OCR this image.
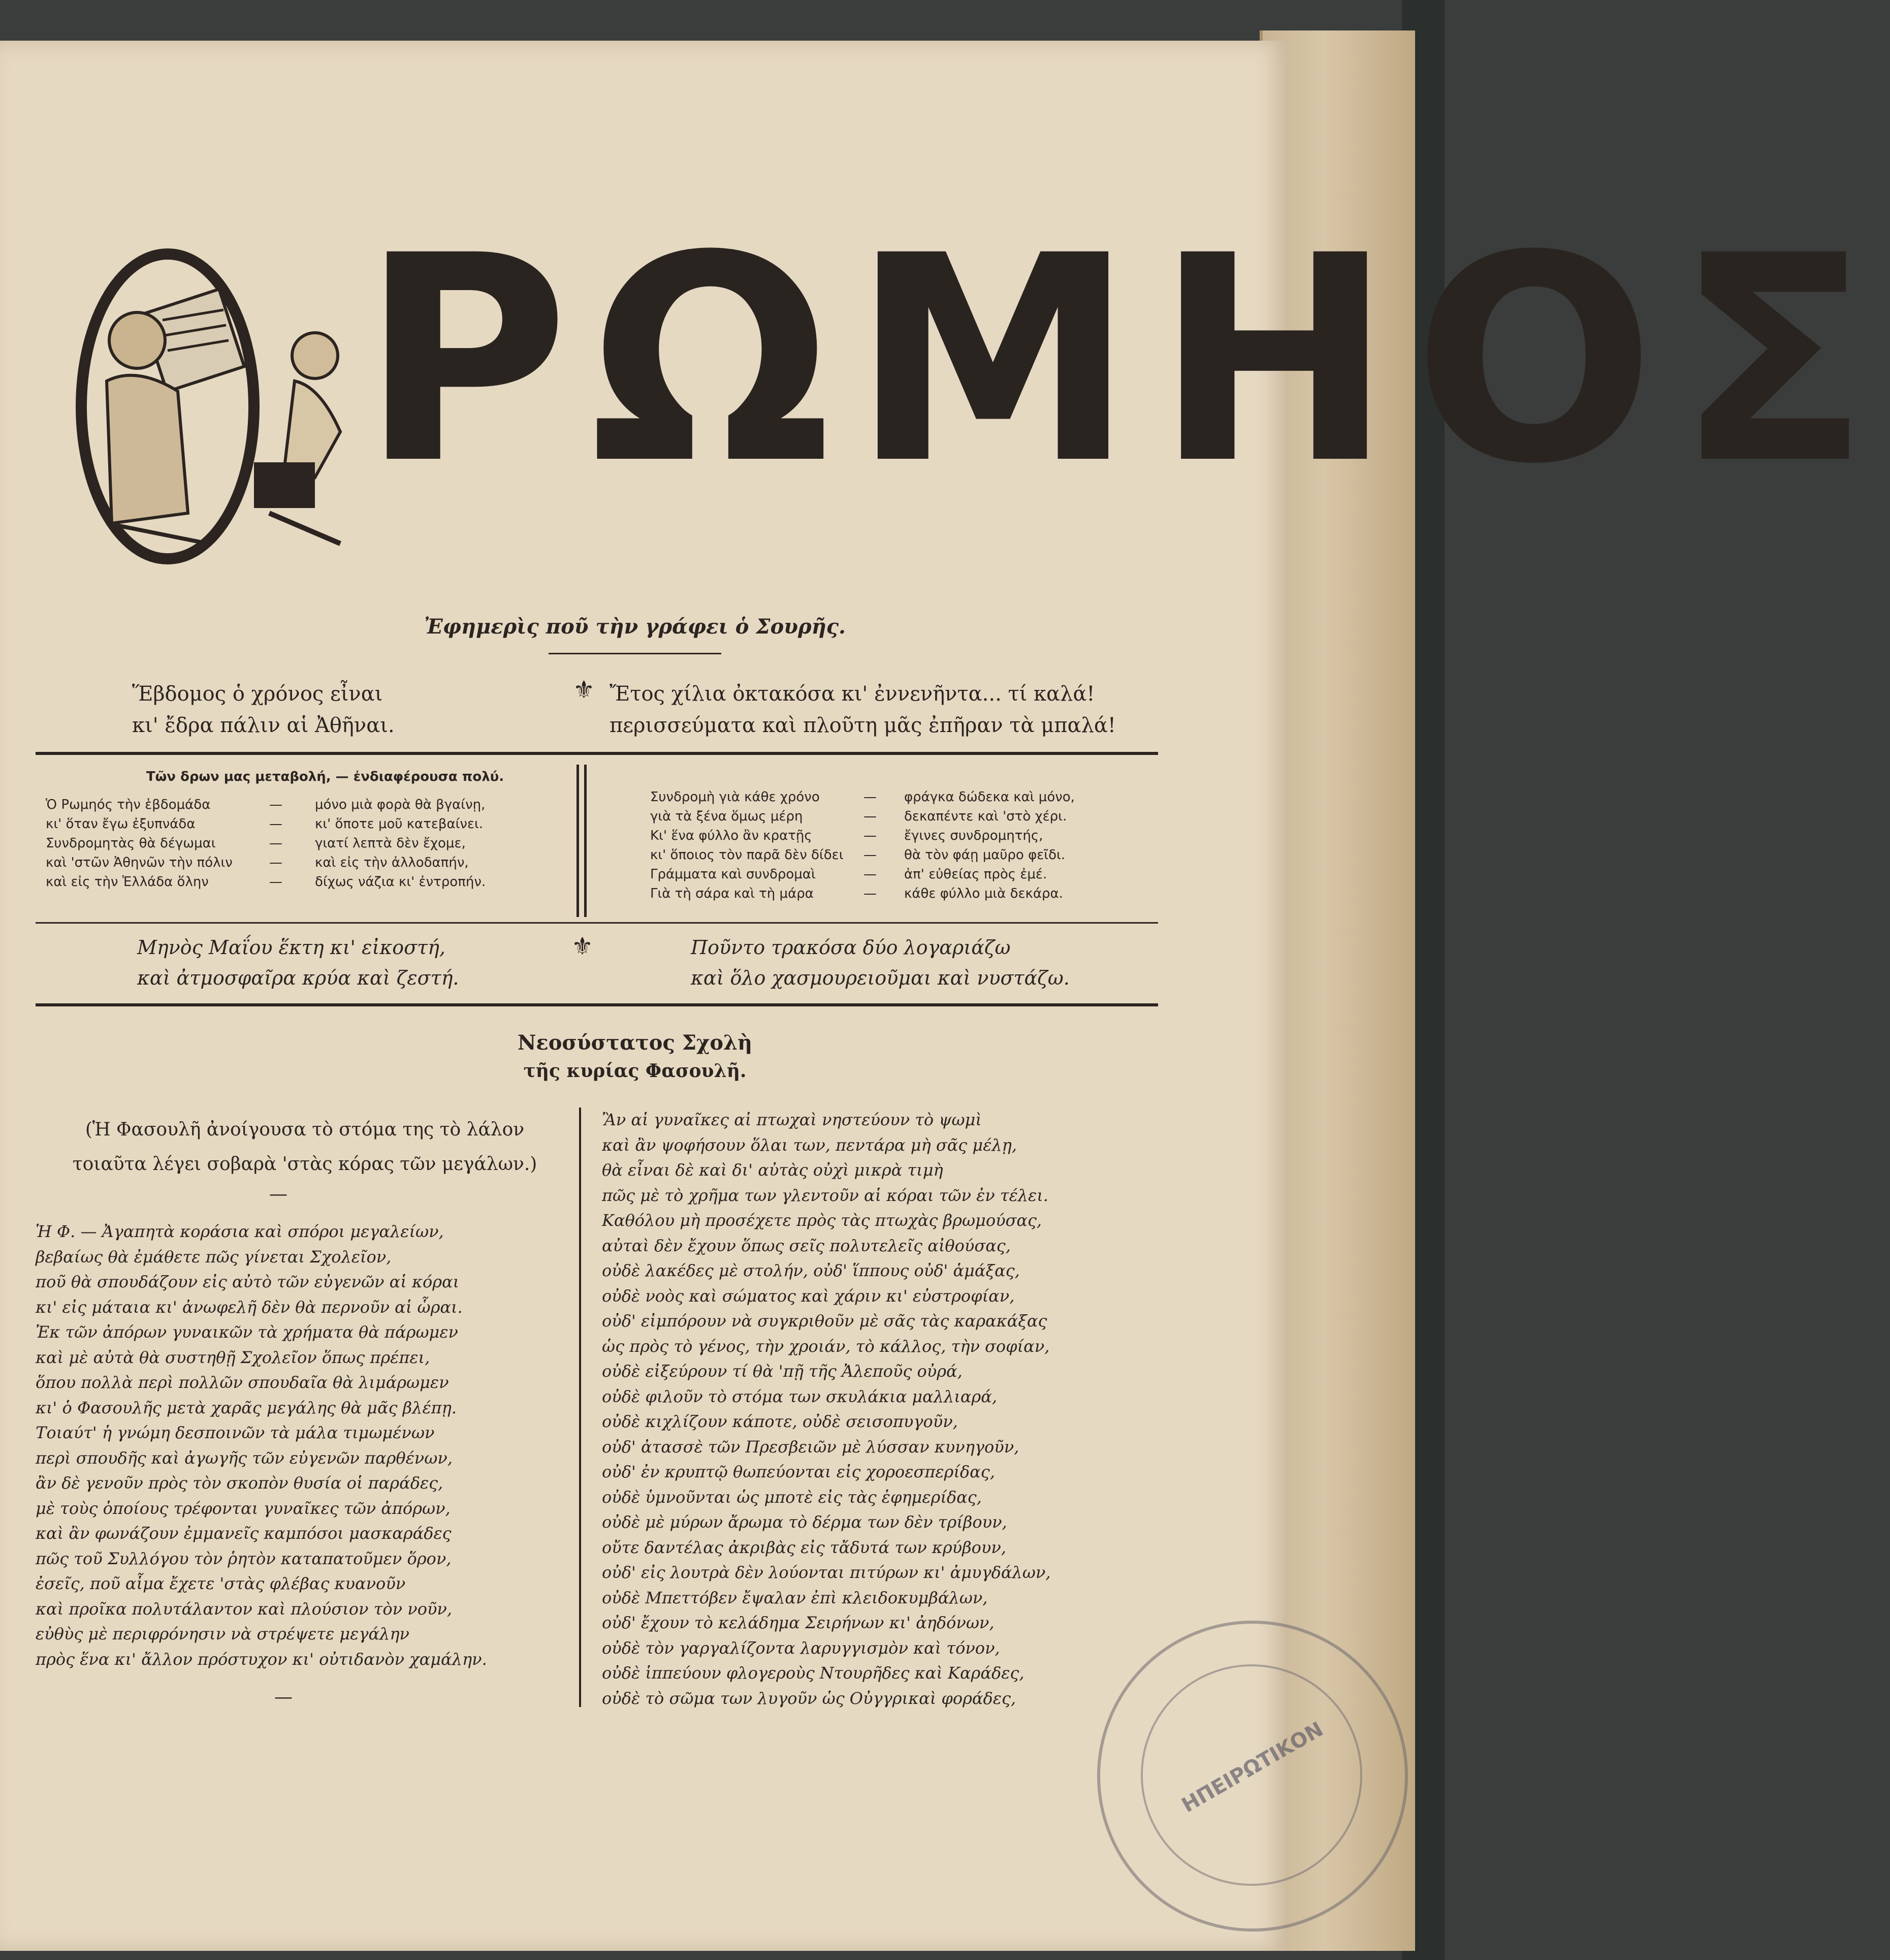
ΡΩΜΗΟΣ
Ἐφημερὶς ποῦ τὴν γράφει ὁ Σουρῆς.
Ἕβδομος ὁ χρόνος εἶναι
κι' ἔδρα πάλιν αἱ Ἀθῆναι.
⚜ Ἔτος χίλια ὀκτακόσα κι' ἐννενῆντα... τί καλά!
περισσεύματα καὶ πλοῦτη μᾶς ἐπῆραν τὰ μπαλά!
Τῶν δρων μας μεταβολή, — ἐνδιαφέρουσα πολύ.
Ὁ Ρωμηός τὴν ἑβδομάδα	—	μόνο μιὰ φορὰ θὰ βγαίνῃ,
κι' ὅταν ἔγω ἐξυπνάδα	—	κι' ὅποτε μοῦ κατεβαίνει.
Συνδρομητὰς θὰ δέγωμαι	—	γιατί λεπτὰ δὲν ἔχομε,
καὶ 'στῶν Ἀθηνῶν τὴν πόλιν	—	καὶ εἰς τὴν ἀλλοδαπήν,
καὶ εἰς τὴν Ἑλλάδα ὅλην	—	δίχως νάζια κι' ἐντροπήν.
Συνδρομὴ γιὰ κάθε χρόνο	—	φράγκα δώδεκα καὶ μόνο,
γιὰ τὰ ξένα ὅμως μέρη	—	δεκαπέντε καὶ 'στὸ χέρι.
Κι' ἕνα φύλλο ἂν κρατῇς	—	ἔγινες συνδρομητής,
κι' ὅποιος τὸν παρᾶ δὲν δίδει	—	θὰ τὸν φάῃ μαῦρο φεῖδι.
Γράμματα καὶ συνδρομαὶ	—	ἀπ' εὐθείας πρὸς ἐμέ.
Γιὰ τὴ σάρα καὶ τὴ μάρα	—	κάθε φύλλο μιὰ δεκάρα.
Μηνὸς Μαΐου ἕκτη κι' εἰκοστή,
καὶ ἀτμοσφαῖρα κρύα καὶ ζεστή.
⚜	Ποῦντο τρακόσα δύο λογαριάζω
καὶ ὅλο χασμουρειοῦμαι καὶ νυστάζω.
Νεοσύστατος Σχολὴ
τῆς κυρίας Φασουλῆ.
(Ἡ Φασουλῆ ἀνοίγουσα τὸ στόμα της τὸ λάλον
τοιαῦτα λέγει σοβαρὰ 'στὰς κόρας τῶν μεγάλων.)
—
Ἡ Φ. — Ἀγαπητὰ κοράσια καὶ σπόροι μεγαλείων,
βεβαίως θὰ ἐμάθετε πῶς γίνεται Σχολεῖον,
ποῦ θὰ σπουδάζουν εἰς αὐτὸ τῶν εὐγενῶν αἱ κόραι
κι' εἰς μάταια κι' ἀνωφελῆ δὲν θὰ περνοῦν αἱ ὧραι.
Ἐκ τῶν ἀπόρων γυναικῶν τὰ χρήματα θὰ πάρωμεν
καὶ μὲ αὐτὰ θὰ συστηθῇ Σχολεῖον ὅπως πρέπει,
ὅπου πολλὰ περὶ πολλῶν σπουδαῖα θὰ λιμάρωμεν
κι' ὁ Φασουλῆς μετὰ χαρᾶς μεγάλης θὰ μᾶς βλέπῃ.
Τοιαύτ' ἡ γνώμη δεσποινῶν τὰ μάλα τιμωμένων
περὶ σπουδῆς καὶ ἀγωγῆς τῶν εὐγενῶν παρθένων,
ἂν δὲ γενοῦν πρὸς τὸν σκοπὸν θυσία οἱ παράδες,
μὲ τοὺς ὁποίους τρέφονται γυναῖκες τῶν ἀπόρων,
καὶ ἂν φωνάζουν ἐμμανεῖς καμπόσοι μασκαράδες
πῶς τοῦ Συλλόγου τὸν ῥητὸν καταπατοῦμεν ὅρον,
ἐσεῖς, ποῦ αἷμα ἔχετε 'στὰς φλέβας κυανοῦν
καὶ προῖκα πολυτάλαντον καὶ πλούσιον τὸν νοῦν,
εὐθὺς μὲ περιφρόνησιν νὰ στρέψετε μεγάλην
πρὸς ἕνα κι' ἄλλον πρόστυχον κι' οὐτιδανὸν χαμάλην.
—
Ἂν αἱ γυναῖκες αἱ πτωχαὶ νηστεύουν τὸ ψωμὶ
καὶ ἂν ψοφήσουν ὅλαι των, πεντάρα μὴ σᾶς μέλῃ,
θὰ εἶναι δὲ καὶ δι' αὐτὰς οὐχὶ μικρὰ τιμὴ
πῶς μὲ τὸ χρῆμα των γλεντοῦν αἱ κόραι τῶν ἐν τέλει.
Καθόλου μὴ προσέχετε πρὸς τὰς πτωχὰς βρωμούσας,
αὐταὶ δὲν ἔχουν ὅπως σεῖς πολυτελεῖς αἰθούσας,
οὐδὲ λακέδες μὲ στολήν, οὐδ' ἵππους οὐδ' ἁμάξας,
οὐδὲ νοὸς καὶ σώματος καὶ χάριν κι' εὐστροφίαν,
οὐδ' εἰμπόρουν νὰ συγκριθοῦν μὲ σᾶς τὰς καρακάξας
ὡς πρὸς τὸ γένος, τὴν χροιάν, τὸ κάλλος, τὴν σοφίαν,
οὐδὲ εἰξεύρουν τί θὰ 'πῇ τῆς Ἀλεποῦς οὐρά,
οὐδὲ φιλοῦν τὸ στόμα των σκυλάκια μαλλιαρά,
οὐδὲ κιχλίζουν κάποτε, οὐδὲ σεισοπυγοῦν,
οὐδ' ἀτασσὲ τῶν Πρεσβειῶν μὲ λύσσαν κυνηγοῦν,
οὐδ' ἐν κρυπτῷ θωπεύονται εἰς χοροεσπερίδας,
οὐδὲ ὑμνοῦνται ὡς μποτὲ εἰς τὰς ἐφημερίδας,
οὐδὲ μὲ μύρων ἄρωμα τὸ δέρμα των δὲν τρίβουν,
οὔτε δαντέλας ἀκριβὰς εἰς τἄδυτά των κρύβουν,
οὐδ' εἰς λουτρὰ δὲν λούονται πιτύρων κι' ἀμυγδάλων,
οὐδὲ Μπεττόβεν ἔψαλαν ἐπὶ κλειδοκυμβάλων,
οὐδ' ἔχουν τὸ κελάδημα Σειρήνων κι' ἀηδόνων,
οὐδὲ τὸν γαργαλίζοντα λαρυγγισμὸν καὶ τόνον,
οὐδὲ ἱππεύουν φλογεροὺς Ντουρῆδες καὶ Καράδες,
οὐδὲ τὸ σῶμα των λυγοῦν ὡς Οὐγγρικαὶ φοράδες,
ΗΠΕΙΡΩΤΙΚΟΝ
